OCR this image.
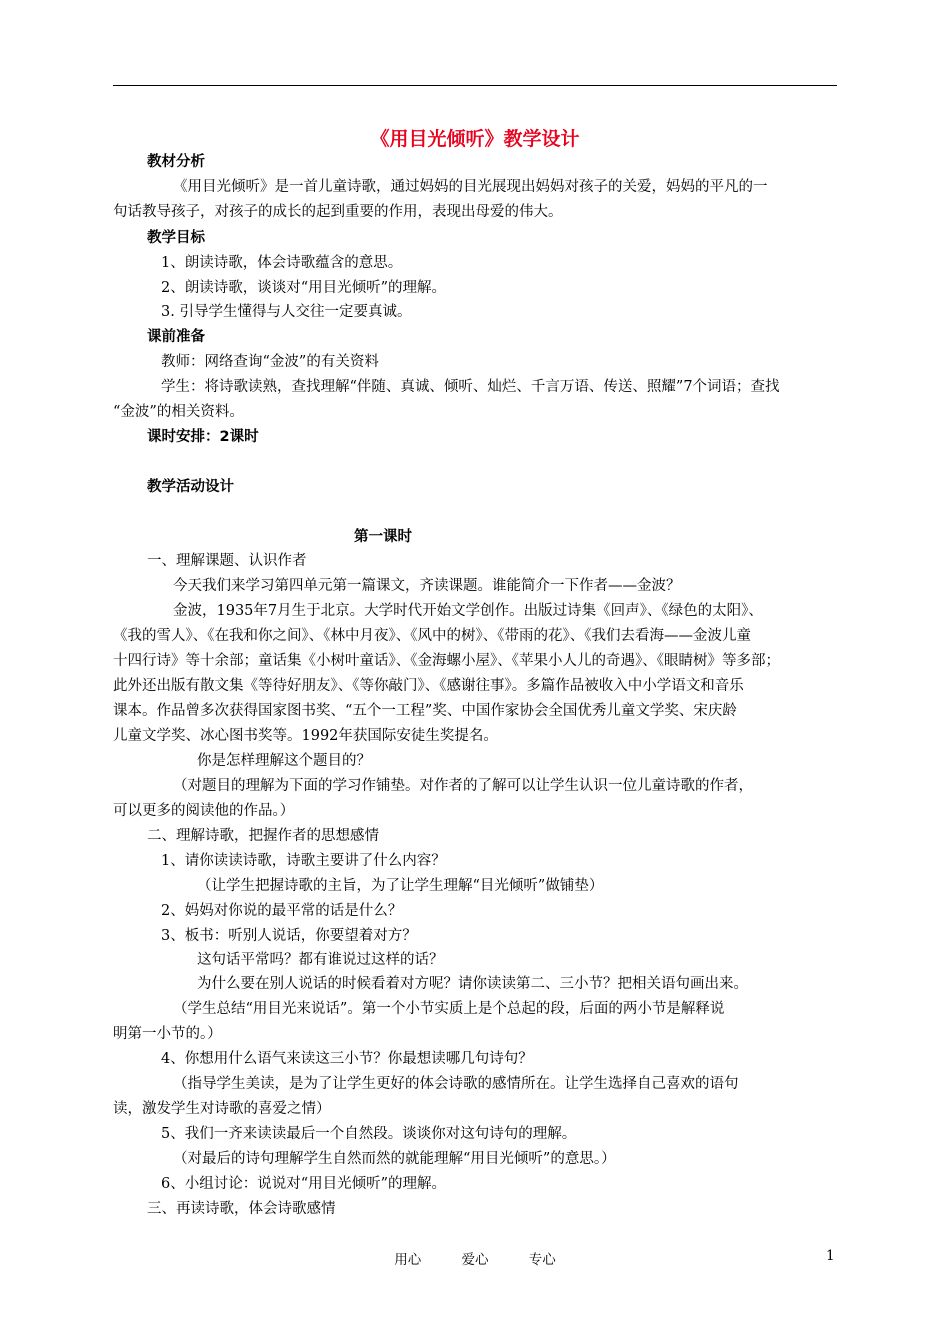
《用目光倾听》教学设计
教材分析
《用目光倾听》是一首儿童诗歌，通过妈妈的目光展现出妈妈对孩子的关爱，妈妈的平凡的一
句话教导孩子，对孩子的成长的起到重要的作用，表现出母爱的伟大。
教学目标
1、朗读诗歌，体会诗歌蕴含的意思。
2、朗读诗歌，谈谈对“用目光倾听”的理解。
3. 引导学生懂得与人交往一定要真诚。
课前准备
教师：网络查询“金波”的有关资料
学生：将诗歌读熟，查找理解“伴随、真诚、倾听、灿烂、千言万语、传送、照耀”7个词语；查找
“金波”的相关资料。
课时安排：2课时
教学活动设计
一、理解课题、认识作者
今天我们来学习第四单元第一篇课文，齐读课题。谁能简介一下作者——金波？
金波，1935年7月生于北京。大学时代开始文学创作。出版过诗集《回声》、《绿色的太阳》、
《我的雪人》、《在我和你之间》、《林中月夜》、《风中的树》、《带雨的花》、《我们去看海——金波儿童
十四行诗》等十余部；童话集《小树叶童话》、《金海螺小屋》、《苹果小人儿的奇遇》、《眼睛树》等多部；
此外还出版有散文集《等待好朋友》、《等你敲门》、《感谢往事》。多篇作品被收入中小学语文和音乐
课本。作品曾多次获得国家图书奖、“五个一工程”奖、中国作家协会全国优秀儿童文学奖、宋庆龄
儿童文学奖、冰心图书奖等。1992年获国际安徒生奖提名。
你是怎样理解这个题目的？
（对题目的理解为下面的学习作铺垫。对作者的了解可以让学生认识一位儿童诗歌的作者，
可以更多的阅读他的作品。）
二、理解诗歌，把握作者的思想感情
1、请你读读诗歌，诗歌主要讲了什么内容？
（让学生把握诗歌的主旨，为了让学生理解“目光倾听”做铺垫）
2、妈妈对你说的最平常的话是什么？
3、板书：听别人说话，你要望着对方？
这句话平常吗？都有谁说过这样的话？
为什么要在别人说话的时候看着对方呢？请你读读第二、三小节？把相关语句画出来。
（学生总结“用目光来说话”。第一个小节实质上是个总起的段，后面的两小节是解释说
明第一小节的。）
4、你想用什么语气来读这三小节？你最想读哪几句诗句？
（指导学生美读，是为了让学生更好的体会诗歌的感情所在。让学生选择自己喜欢的语句
读，激发学生对诗歌的喜爱之情）
5、我们一齐来读读最后一个自然段。谈谈你对这句诗句的理解。
（对最后的诗句理解学生自然而然的就能理解“用目光倾听”的意思。）
6、小组讨论：说说对“用目光倾听”的理解。
三、再读诗歌，体会诗歌感情
第一课时
用心	爱心	专心	1
